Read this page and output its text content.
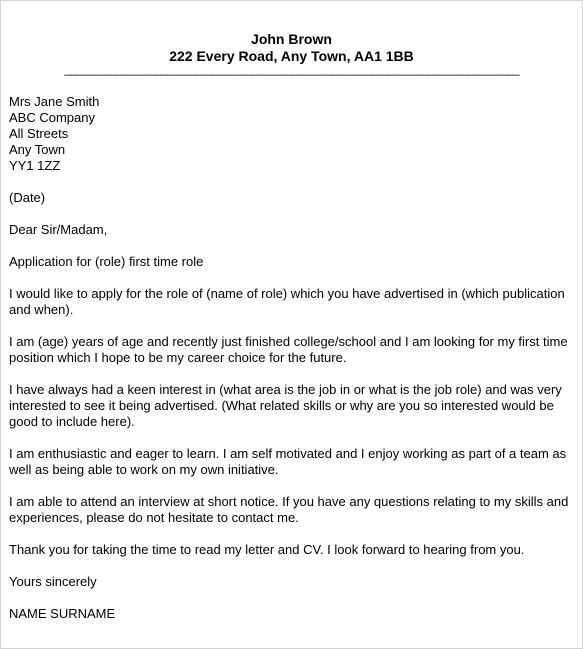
John Brown
222 Every Road, Any Town, AA1 1BB
________________________________________________________________________________
Mrs Jane Smith
ABC Company
All Streets
Any Town
YY1 1ZZ
(Date)
Dear Sir/Madam,
Application for (role) first time role
I would like to apply for the role of (name of role) which you have advertised in (which publication and when).
I am (age) years of age and recently just finished college/school and I am looking for my first time position which I hope to be my career choice for the future.
I have always had a keen interest in (what area is the job in or what is the job role) and was very interested to see it being advertised. (What related skills or why are you so interested would be good to include here).
I am enthusiastic and eager to learn. I am self motivated and I enjoy working as part of a team as well as being able to work on my own initiative.
I am able to attend an interview at short notice. If you have any questions relating to my skills and experiences, please do not hesitate to contact me.
Thank you for taking the time to read my letter and CV. I look forward to hearing from you.
Yours sincerely
NAME SURNAME
